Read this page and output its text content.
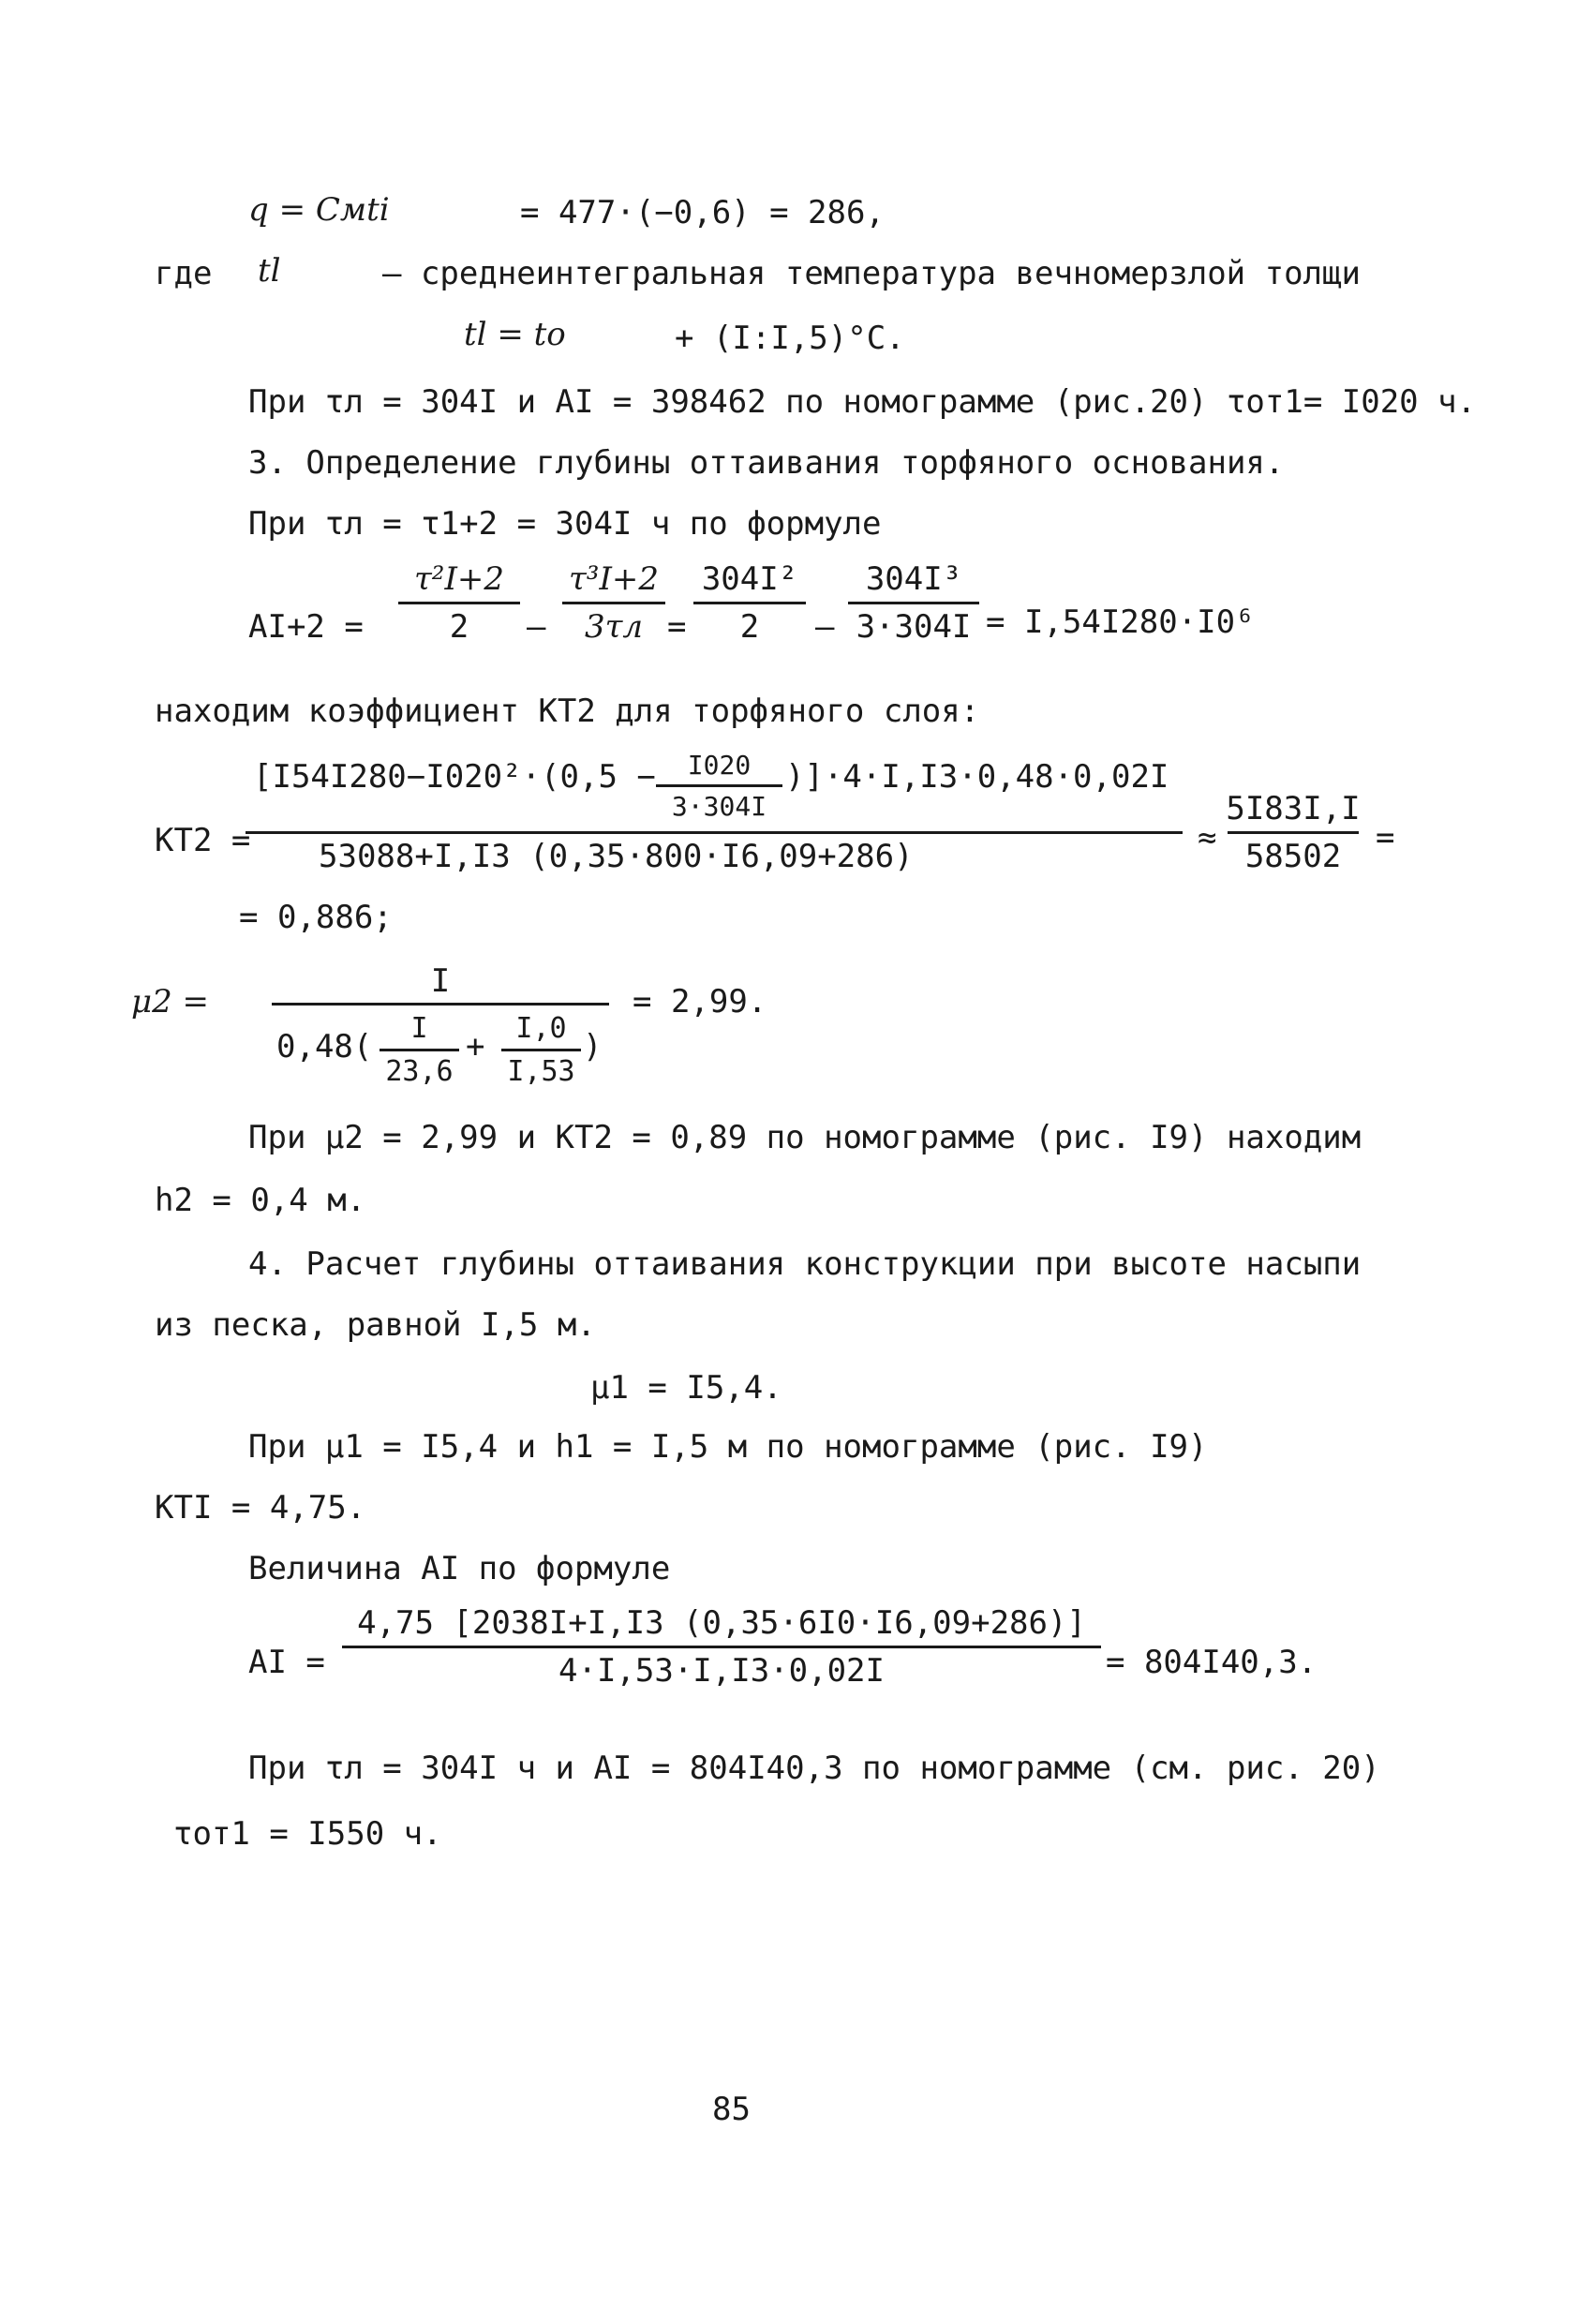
q = Cмti	= 477·(−0,6) = 286,
где tl	– среднеинтегральная температура вечномерзлой толщи
tl = to	+ (I:I,5)°C.
При τл = 304I и AI = 398462 по номограмме (рис.20) τот1= I020 ч.
3. Определение глубины оттаивания торфяного основания.
При τл = τ1+2 = 304I ч по формуле
AI+2 =
τ²I+2
2 –
τ³I+2
3τл =
304I²
2 –
304I³
3·304I = I,54I280·I0⁶
находим коэффициент KT2 для торфяного слоя:
KT2 =
[I54I280−I020²·(0,5 − I020
3·304I
)]·4·I,I3·0,48·0,02I
53088+I,I3 (0,35·800·I6,09+286)	≈
5I83I,I
58502 =
= 0,886;
μ2 =
I
0,48( I
23,6
+ I,0
I,53
)
= 2,99.
При μ2 = 2,99 и KT2 = 0,89 по номограмме (рис. I9) находим
h2 = 0,4 м.
4. Расчет глубины оттаивания конструкции при высоте насыпи
из песка, равной I,5 м.
μ1 = I5,4.
При μ1 = I5,4 и h1 = I,5 м по номограмме (рис. I9)
KTI = 4,75.
Величина AI по формуле
AI =
4,75 [2038I+I,I3 (0,35·6I0·I6,09+286)]
4·I,53·I,I3·0,02I	= 804I40,3.
При τл = 304I ч и AI = 804I40,3 по номограмме (см. рис. 20)
τот1 = I550 ч.
85
